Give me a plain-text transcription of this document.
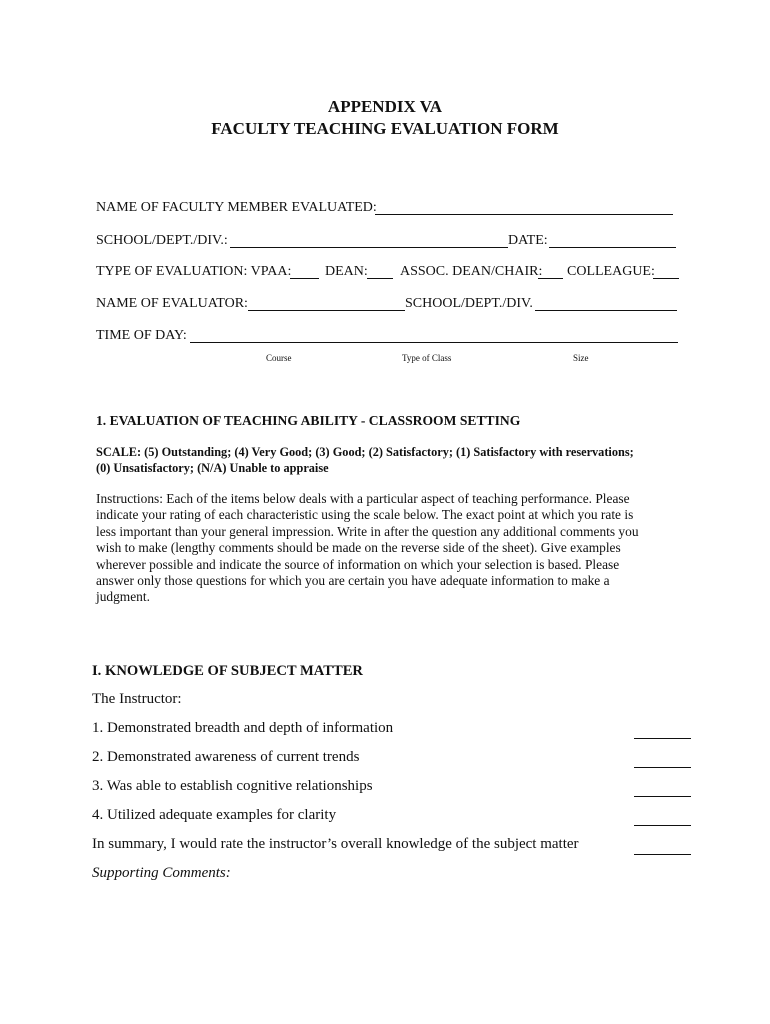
APPENDIX VA
FACULTY TEACHING EVALUATION FORM
NAME OF FACULTY MEMBER EVALUATED:
SCHOOL/DEPT./DIV.:	DATE:
TYPE OF EVALUATION: VPAA: DEAN: ASSOC. DEAN/CHAIR: COLLEAGUE:
NAME OF EVALUATOR:	SCHOOL/DEPT./DIV.
TIME OF DAY:
Course	Type of Class	Size
1. EVALUATION OF TEACHING ABILITY - CLASSROOM SETTING
SCALE: (5) Outstanding; (4) Very Good; (3) Good; (2) Satisfactory; (1) Satisfactory with reservations;
(0) Unsatisfactory; (N/A) Unable to appraise
Instructions: Each of the items below deals with a particular aspect of teaching performance. Please
indicate your rating of each characteristic using the scale below. The exact point at which you rate is
less important than your general impression. Write in after the question any additional comments you
wish to make (lengthy comments should be made on the reverse side of the sheet). Give examples
wherever possible and indicate the source of information on which your selection is based. Please
answer only those questions for which you are certain you have adequate information to make a
judgment.
I. KNOWLEDGE OF SUBJECT MATTER
The Instructor:
1. Demonstrated breadth and depth of information
2. Demonstrated awareness of current trends
3. Was able to establish cognitive relationships
4. Utilized adequate examples for clarity
In summary, I would rate the instructor’s overall knowledge of the subject matter
Supporting Comments:
